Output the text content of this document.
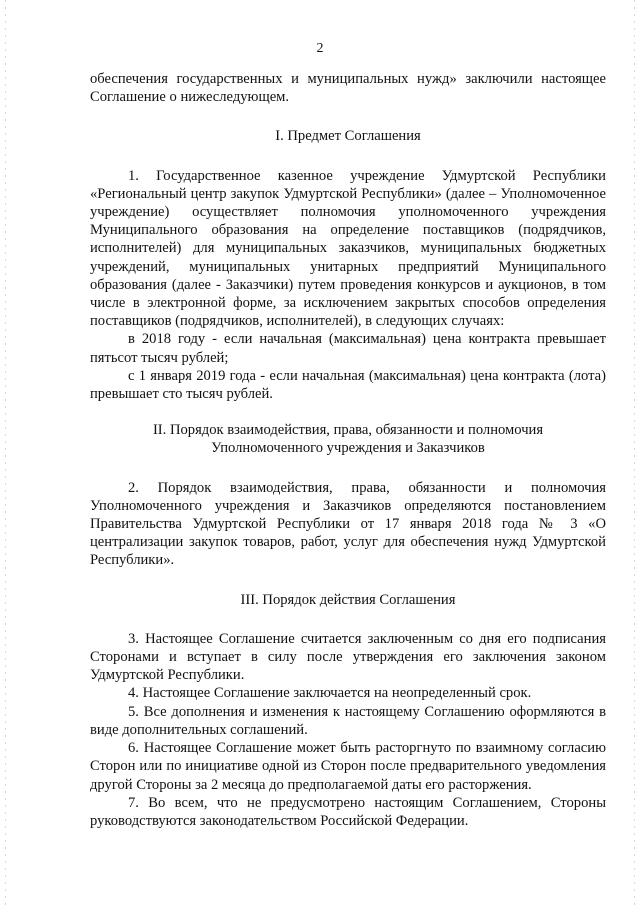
2

обеспечения государственных и муниципальных нужд» заключили настоящее Соглашение о нижеследующем.

I. Предмет Соглашения

1. Государственное казенное учреждение Удмуртской Республики «Региональный центр закупок Удмуртской Республики» (далее – Уполномоченное учреждение) осуществляет полномочия уполномоченного учреждения Муниципального образования на определение поставщиков (подрядчиков, исполнителей) для муниципальных заказчиков, муниципальных бюджетных учреждений, муниципальных унитарных предприятий Муниципального образования (далее - Заказчики) путем проведения конкурсов и аукционов, в том числе в электронной форме, за исключением закрытых способов определения поставщиков (подрядчиков, исполнителей), в следующих случаях:

в 2018 году - если начальная (максимальная) цена контракта превышает пятьсот тысяч рублей;

с 1 января 2019 года - если начальная (максимальная) цена контракта (лота) превышает сто тысяч рублей.

II. Порядок взаимодействия, права, обязанности и полномочия

Уполномоченного учреждения и Заказчиков

2. Порядок взаимодействия, права, обязанности и полномочия Уполномоченного учреждения и Заказчиков определяются постановлением Правительства Удмуртской Республики от 17 января 2018 года № 3 «О централизации закупок товаров, работ, услуг для обеспечения нужд Удмуртской Республики».

III. Порядок действия Соглашения

3. Настоящее Соглашение считается заключенным со дня его подписания Сторонами и вступает в силу после утверждения его заключения законом Удмуртской Республики.

4. Настоящее Соглашение заключается на неопределенный срок.

5. Все дополнения и изменения к настоящему Соглашению оформляются в виде дополнительных соглашений.

6. Настоящее Соглашение может быть расторгнуто по взаимному согласию Сторон или по инициативе одной из Сторон после предварительного уведомления другой Стороны за 2 месяца до предполагаемой даты его расторжения.

7. Во всем, что не предусмотрено настоящим Соглашением, Стороны руководствуются законодательством Российской Федерации.
